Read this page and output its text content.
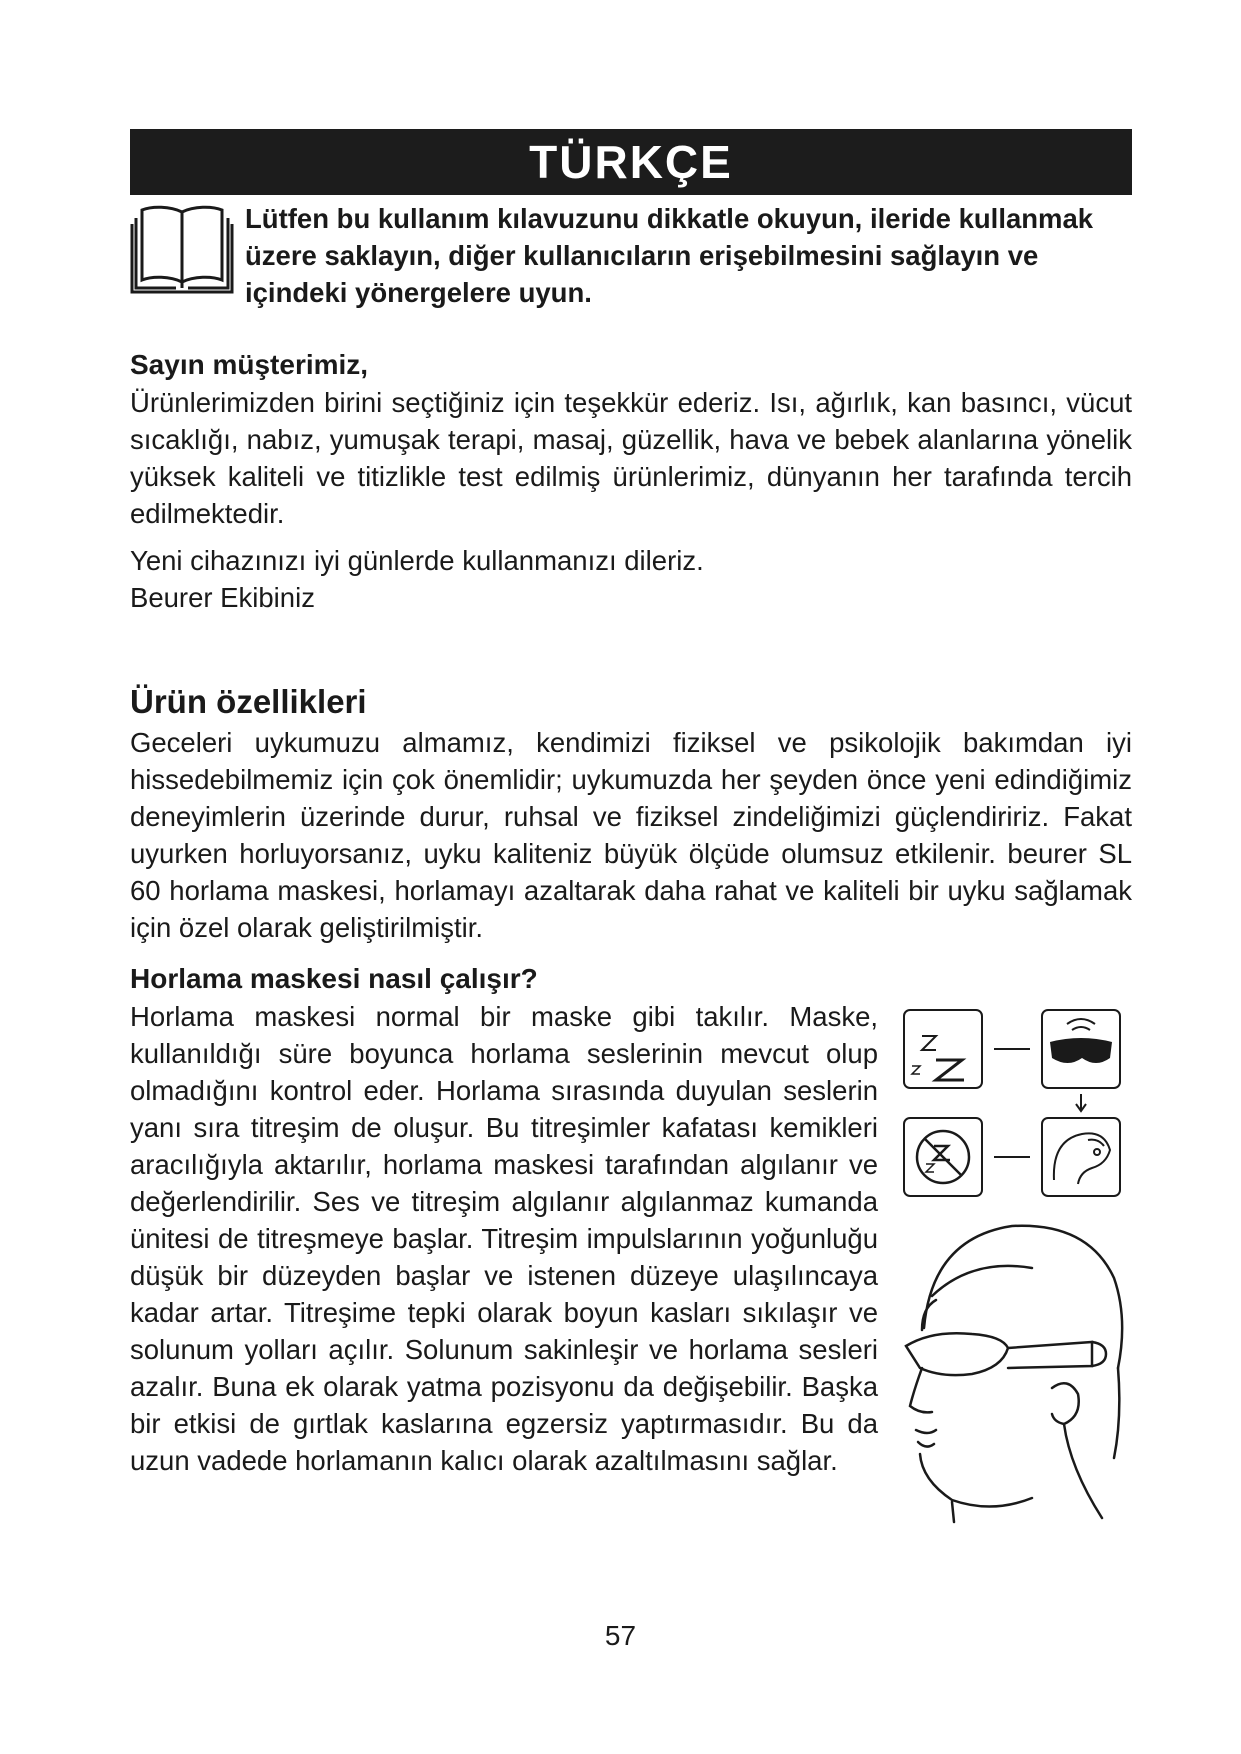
TÜRKÇE
Lütfen bu kullanım kılavuzunu dikkatle okuyun, ileride kullanmak üzere saklayın, diğer kullanıcıların erişebilmesini sağlayın ve içindeki yönergelere uyun.
Sayın müşterimiz,

Ürünlerimizden birini seçtiğiniz için teşekkür ederiz. Isı, ağırlık, kan basıncı, vücut sıcaklığı, nabız, yumuşak terapi, masaj, güzellik, hava ve bebek alanlarına yönelik yüksek kaliteli ve titizlikle test edilmiş ürünlerimiz, dünyanın her tarafında tercih edilmektedir.

Yeni cihazınızı iyi günlerde kullanmanızı dileriz.

Beurer Ekibiniz

Ürün özellikleri

Geceleri uykumuzu almamız, kendimizi fiziksel ve psikolojik bakımdan iyi hissedebilmemiz için çok önemlidir; uykumuzda her şeyden önce yeni edindiğimiz deneyimlerin üzerinde durur, ruhsal ve fiziksel zindeliğimizi güçlendiririz. Fakat uyurken horluyorsanız, uyku kaliteniz büyük ölçüde olumsuz etkilenir. beurer SL 60 horlama maskesi, horlamayı azaltarak daha rahat ve kaliteli bir uyku sağlamak için özel olarak geliştirilmiştir.

Horlama maskesi nasıl çalışır?

Horlama maskesi normal bir maske gibi takılır. Maske, kullanıldığı süre boyunca horlama seslerinin mevcut olup olmadığını kontrol eder. Horlama sırasında duyulan seslerin yanı sıra titreşim de oluşur. Bu titreşimler kafatası kemikleri aracılığıyla aktarılır, horlama maskesi tarafından algılanır ve değerlendirilir. Ses ve titreşim algılanır algılanmaz kumanda ünitesi de titreşmeye başlar. Titreşim impulslarının yoğunluğu düşük bir düzeyden başlar ve istenen düzeye ulaşılıncaya kadar artar. Titreşime tepki olarak boyun kasları sıkılaşır ve solunum yolları açılır. Solunum sakinleşir ve horlama sesleri azalır. Buna ek olarak yatma pozisyonu da değişebilir. Başka bir etkisi de gırtlak kaslarına egzersiz yaptırmasıdır. Bu da uzun vadede horlamanın kalıcı olarak azaltılmasını sağlar.

57
